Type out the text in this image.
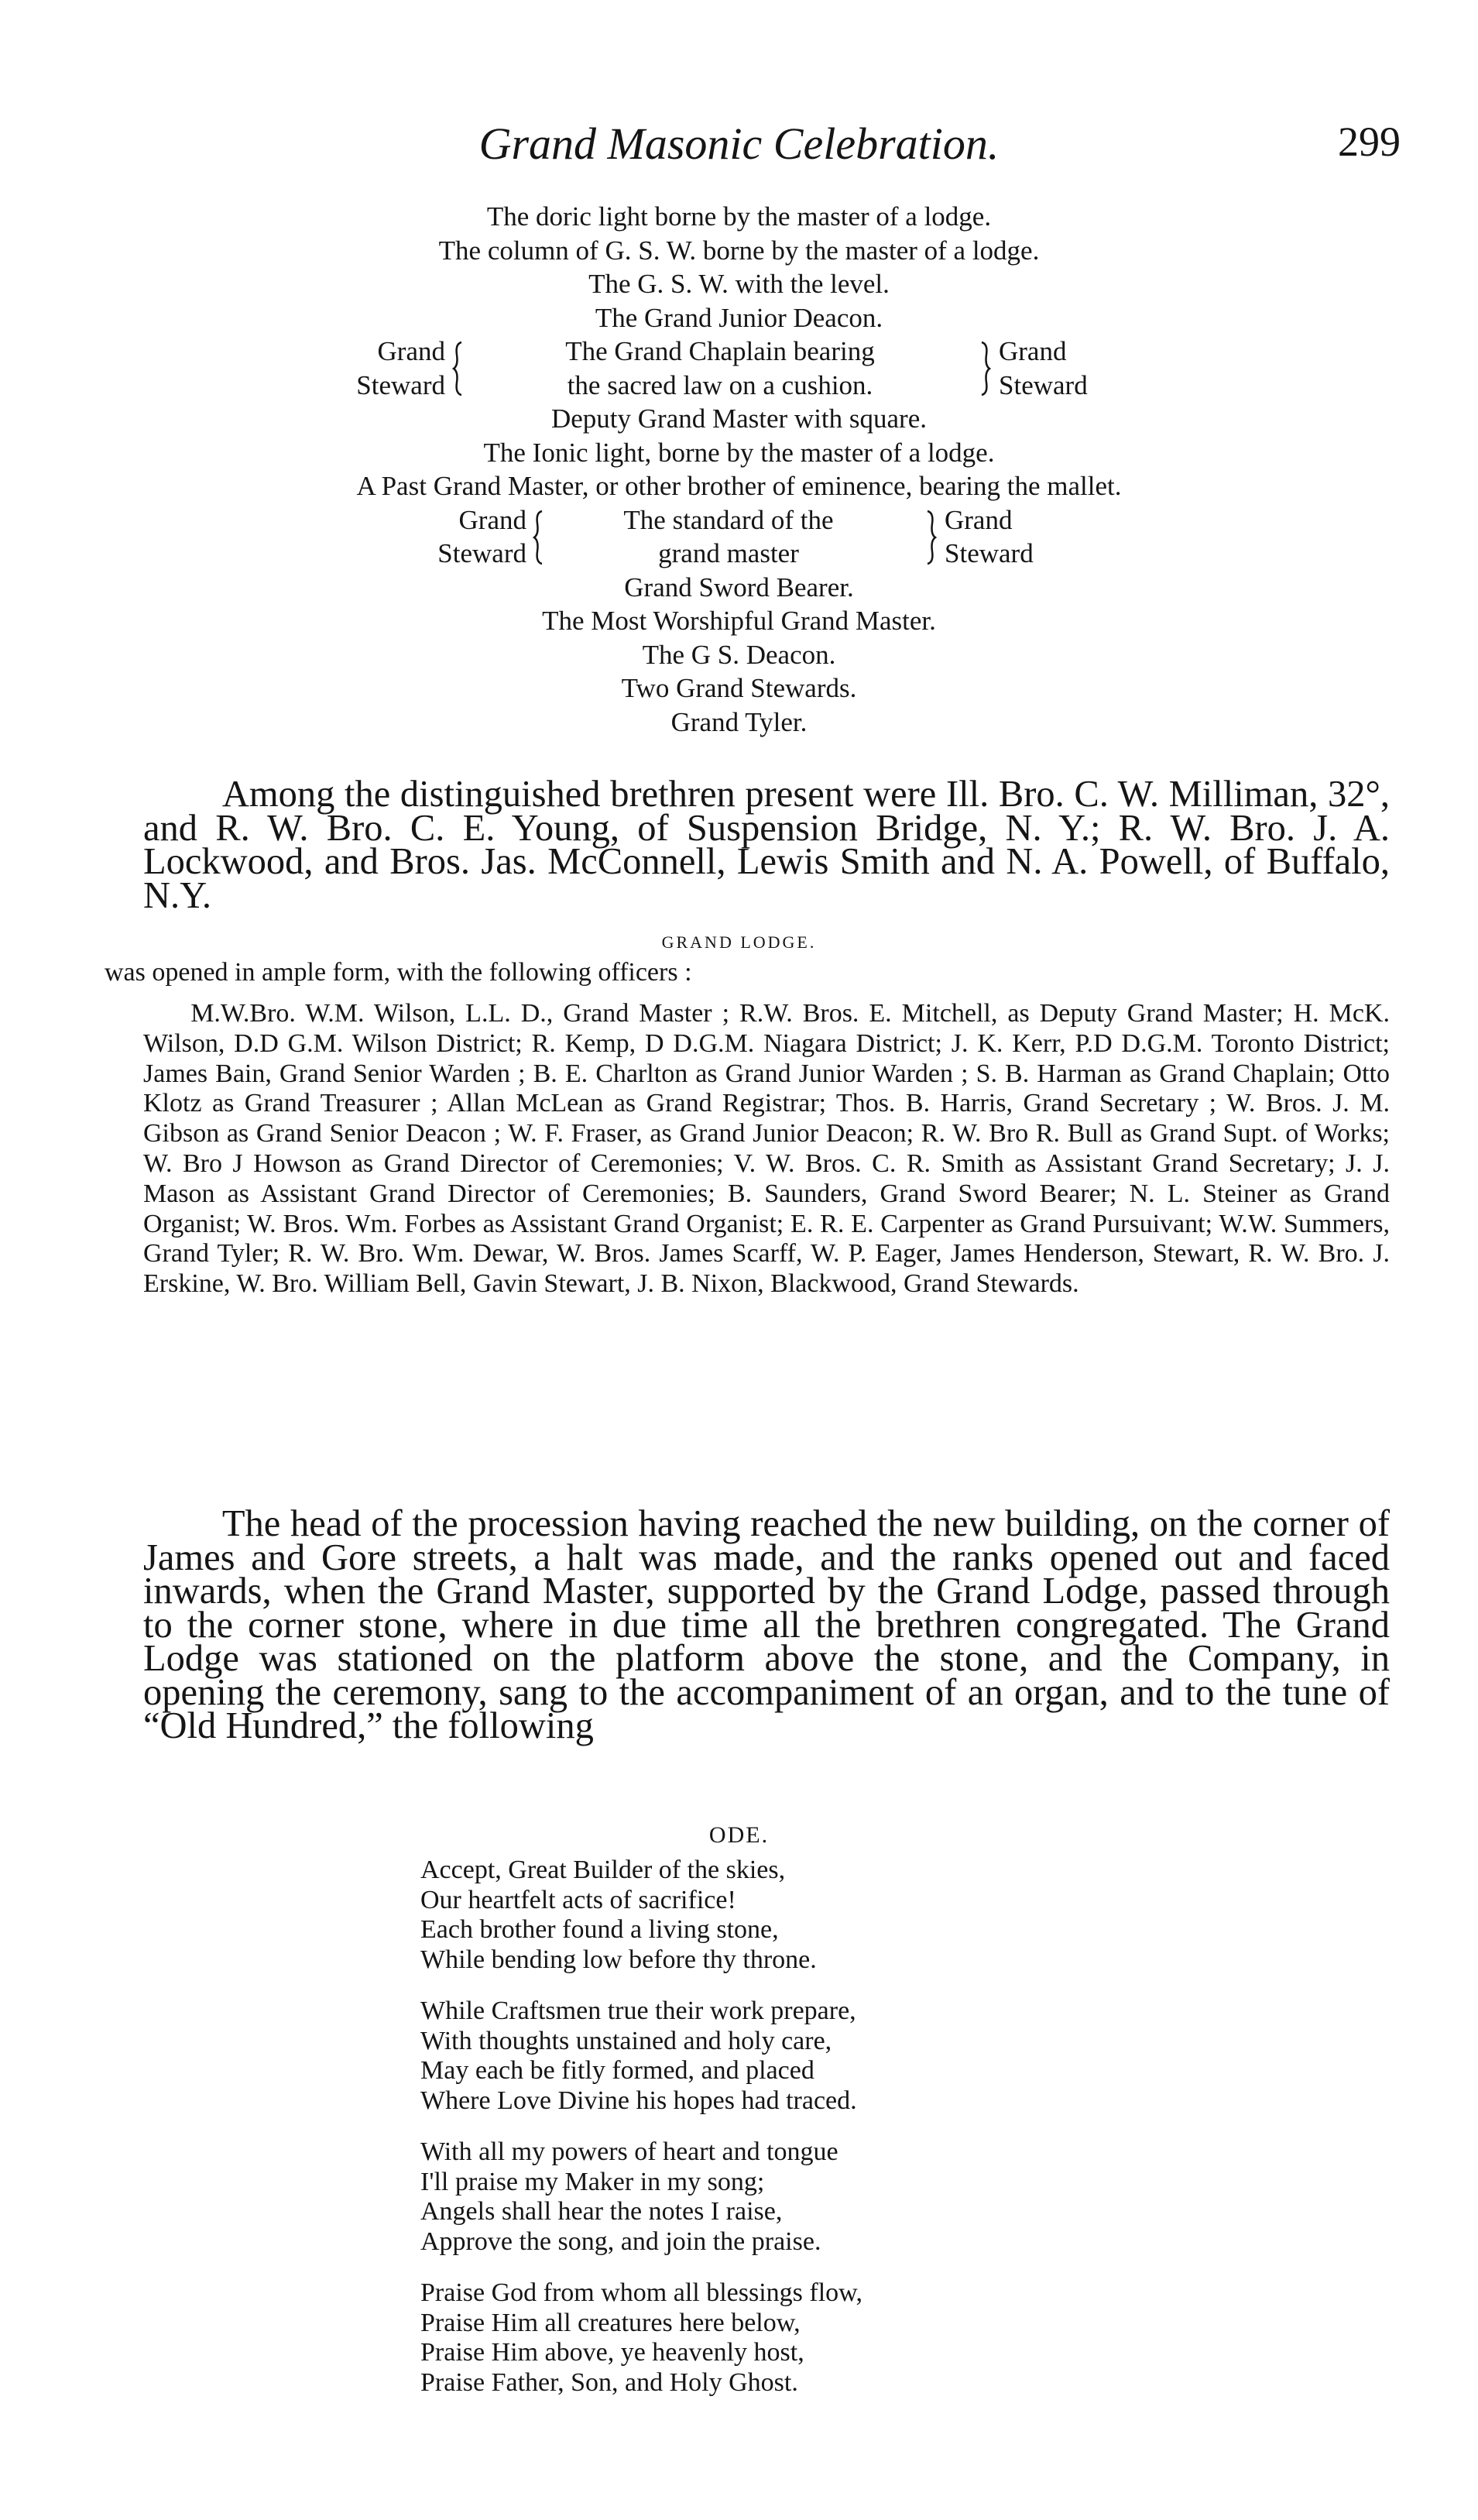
Grand Masonic Celebration.	299
The doric light borne by the master of a lodge.
The column of G. S. W. borne by the master of a lodge.
The G. S. W. with the level.
The Grand Junior Deacon.
Grand
Steward
The Grand Chaplain bearing
the sacred law on a cushion.
Grand
Steward
Deputy Grand Master with square.
The Ionic light, borne by the master of a lodge.
A Past Grand Master, or other brother of eminence, bearing the mallet.
Grand
Steward
The standard of the
grand master
Grand
Steward
Grand Sword Bearer.
The Most Worshipful Grand Master.
The G S. Deacon.
Two Grand Stewards.
Grand Tyler.

Among the distinguished brethren present were Ill. Bro. C. W. Milliman, 32°, and R. W. Bro. C. E. Young, of Suspension Bridge, N. Y.; R. W. Bro. J. A. Lockwood, and Bros. Jas. McConnell, Lewis Smith and N. A. Powell, of Buffalo, N.Y.

GRAND LODGE.
was opened in ample form, with the following officers :

M.W.Bro. W.M. Wilson, L.L. D., Grand Master ; R.W. Bros. E. Mitchell, as Deputy Grand Master; H. McK. Wilson, D.D G.M. Wilson District; R. Kemp, D D.G.M. Niagara District; J. K. Kerr, P.D D.G.M. Toronto District; James Bain, Grand Senior Warden ; B. E. Charlton as Grand Junior Warden ; S. B. Harman as Grand Chaplain; Otto Klotz as Grand Treasurer ; Allan McLean as Grand Registrar; Thos. B. Harris, Grand Secretary ; W. Bros. J. M. Gibson as Grand Senior Deacon ; W. F. Fraser, as Grand Junior Deacon; R. W. Bro R. Bull as Grand Supt. of Works; W. Bro J Howson as Grand Director of Ceremonies; V. W. Bros. C. R. Smith as Assistant Grand Secretary; J. J. Mason as Assistant Grand Director of Ceremonies; B. Saunders, Grand Sword Bearer; N. L. Steiner as Grand Organist; W. Bros. Wm. Forbes as Assistant Grand Organist; E. R. E. Carpenter as Grand Pursuivant; W.W. Summers, Grand Tyler; R. W. Bro. Wm. Dewar, W. Bros. James Scarff, W. P. Eager, James Henderson, Stewart, R. W. Bro. J. Erskine, W. Bro. William Bell, Gavin Stewart, J. B. Nixon, Blackwood, Grand Stewards.

The head of the procession having reached the new building, on the corner of James and Gore streets, a halt was made, and the ranks opened out and faced inwards, when the Grand Master, supported by the Grand Lodge, passed through to the corner stone, where in due time all the brethren congregated. The Grand Lodge was stationed on the platform above the stone, and the Company, in opening the ceremony, sang to the accompaniment of an organ, and to the tune of “Old Hundred,” the following

ODE.
Accept, Great Builder of the skies,
Our heartfelt acts of sacrifice!
Each brother found a living stone,
While bending low before thy throne.
While Craftsmen true their work prepare,
With thoughts unstained and holy care,
May each be fitly formed, and placed
Where Love Divine his hopes had traced.
With all my powers of heart and tongue
I'll praise my Maker in my song;
Angels shall hear the notes I raise,
Approve the song, and join the praise.
Praise God from whom all blessings flow,
Praise Him all creatures here below,
Praise Him above, ye heavenly host,
Praise Father, Son, and Holy Ghost.
